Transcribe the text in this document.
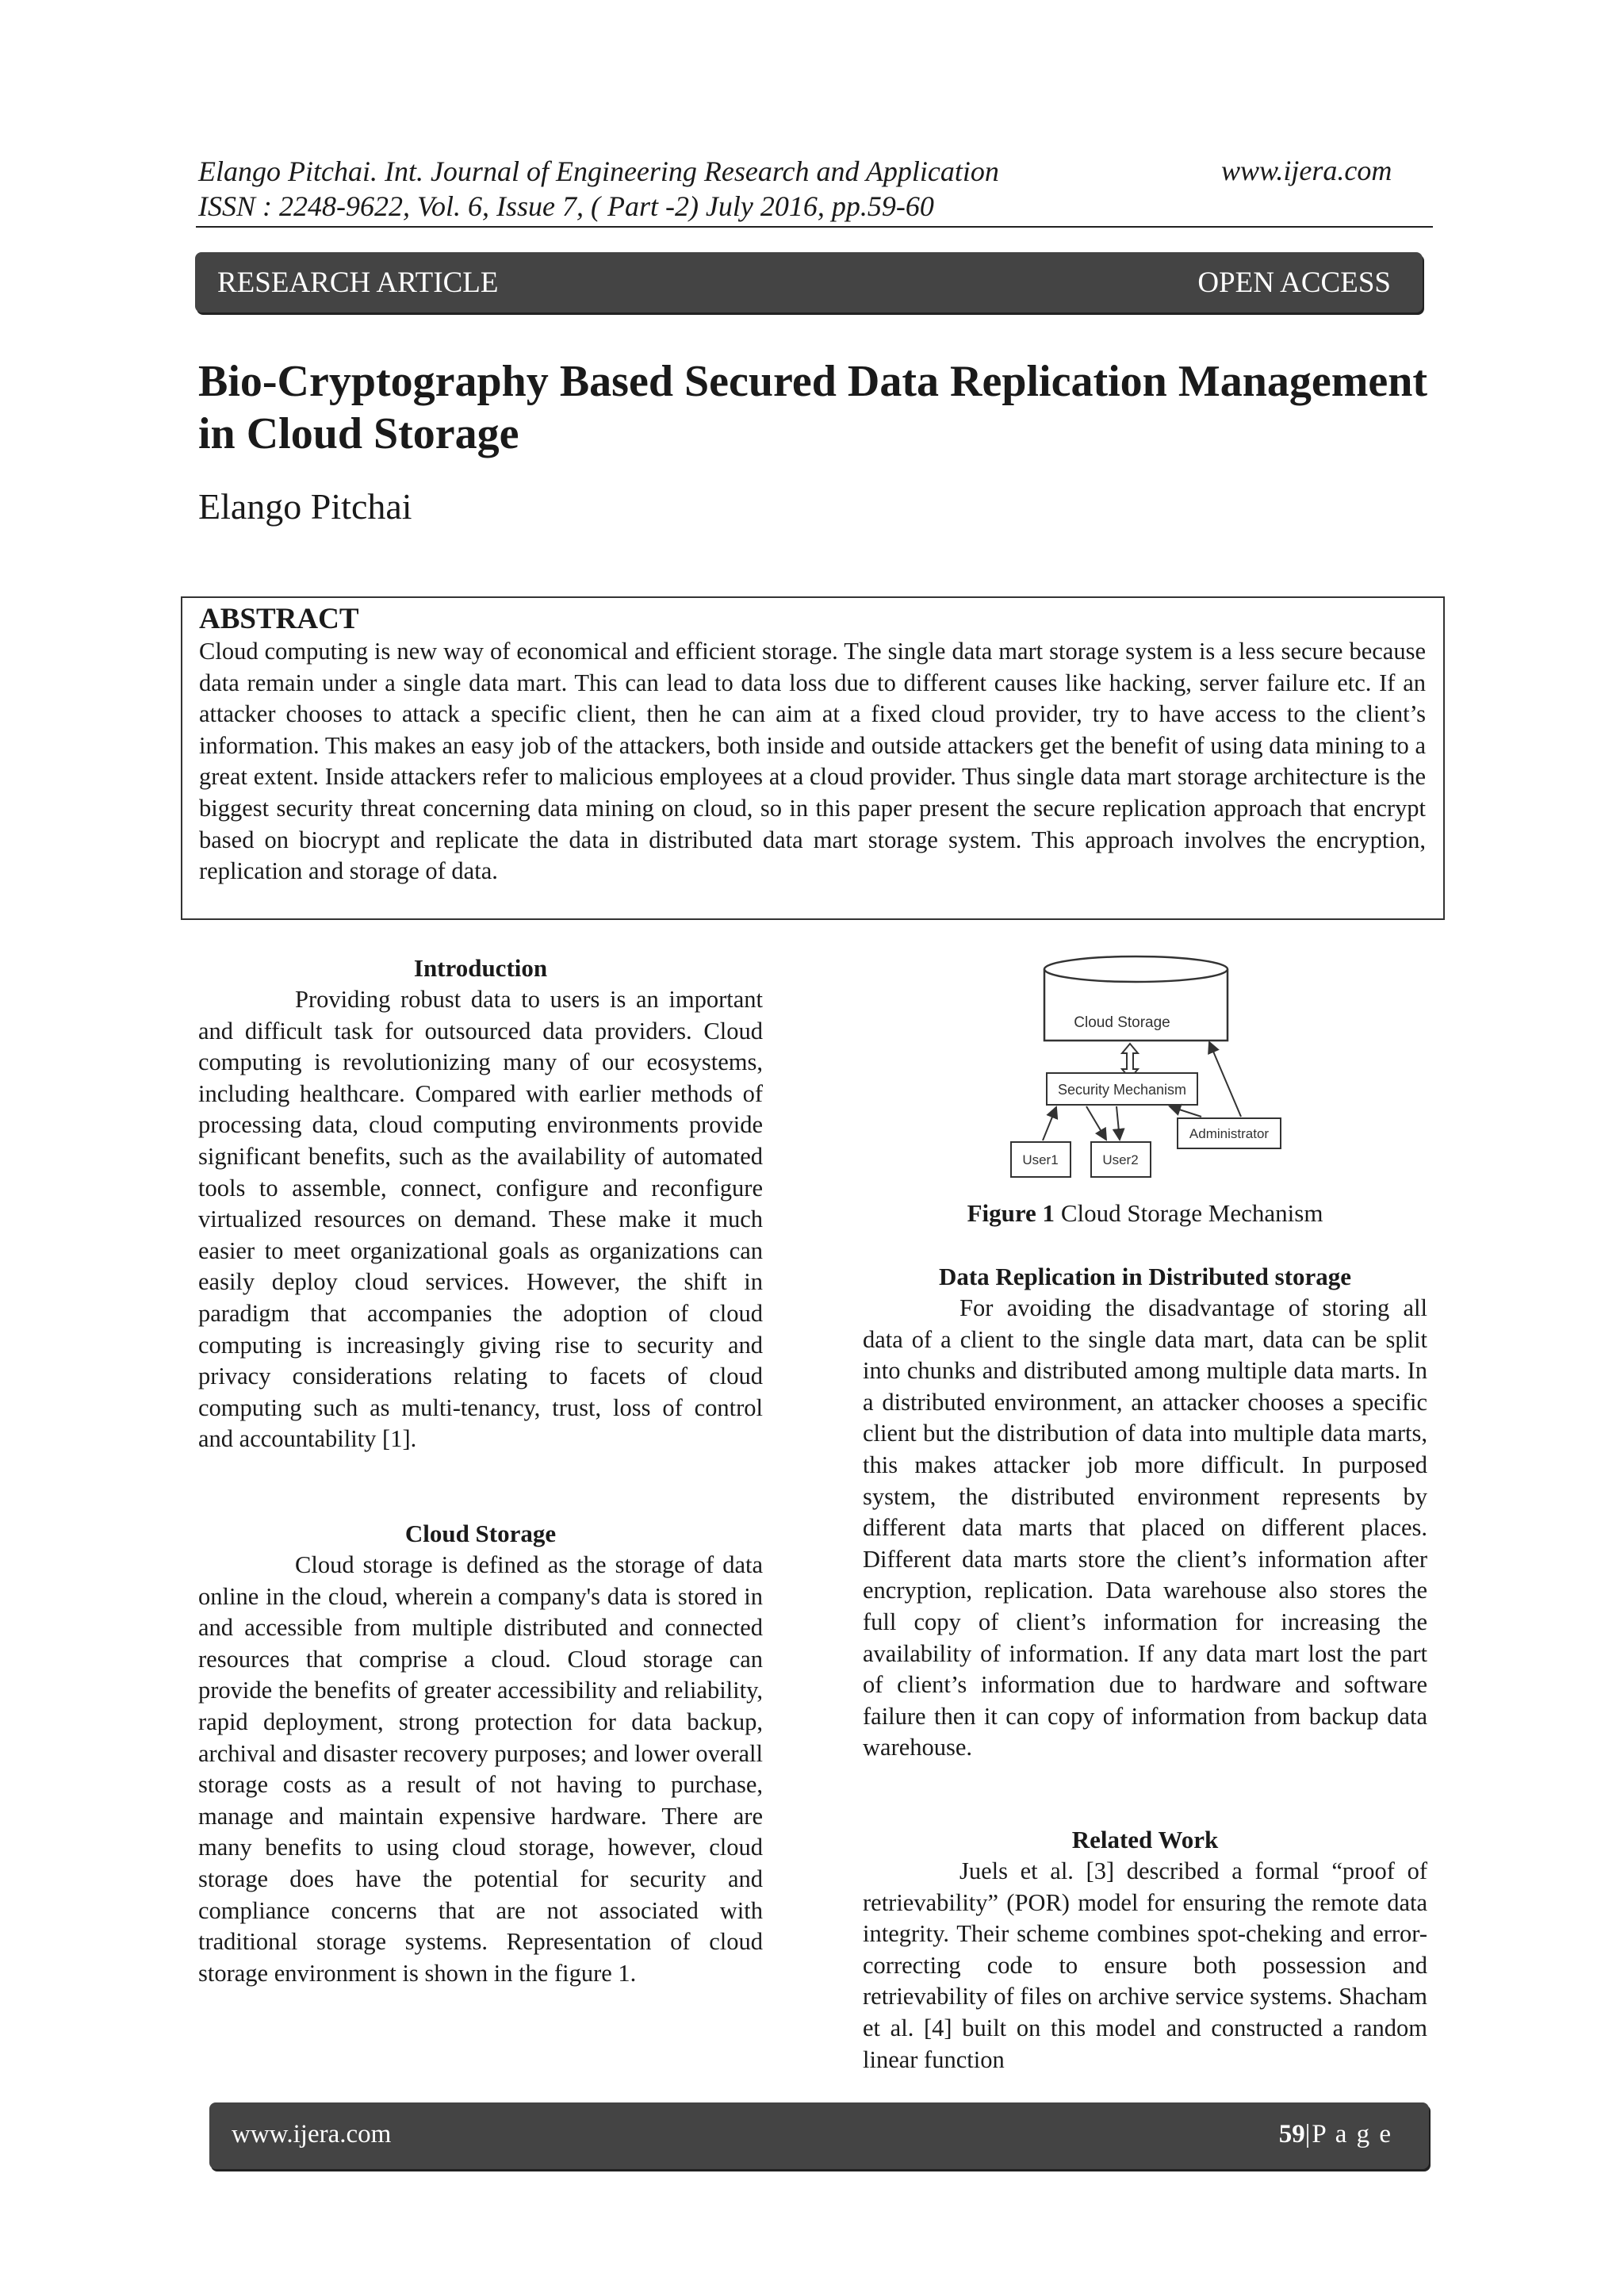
Elango Pitchai. Int. Journal of Engineering Research and Application
ISSN : 2248-9622, Vol. 6, Issue 7, ( Part -2) July 2016, pp.59-60
www.ijera.com
RESEARCH ARTICLE	OPEN ACCESS
Bio-Cryptography Based Secured Data Replication Management in Cloud Storage
Elango Pitchai
ABSTRACT
Cloud computing is new way of economical and efficient storage. The single data mart storage system is a less secure because data remain under a single data mart. This can lead to data loss due to different causes like hacking, server failure etc. If an attacker chooses to attack a specific client, then he can aim at a fixed cloud provider, try to have access to the client’s information. This makes an easy job of the attackers, both inside and outside attackers get the benefit of using data mining to a great extent. Inside attackers refer to malicious employees at a cloud provider. Thus single data mart storage architecture is the biggest security threat concerning data mining on cloud, so in this paper present the secure replication approach that encrypt based on biocrypt and replicate the data in distributed data mart storage system. This approach involves the encryption, replication and storage of data.
Introduction

Providing robust data to users is an important and difficult task for outsourced data providers. Cloud computing is revolutionizing many of our ecosystems, including healthcare. Compared with earlier methods of processing data, cloud computing environments provide significant benefits, such as the availability of automated tools to assemble, connect, configure and reconfigure virtualized resources on demand. These make it much easier to meet organizational goals as organizations can easily deploy cloud services. However, the shift in paradigm that accompanies the adoption of cloud computing is increasingly giving rise to security and privacy considerations relating to facets of cloud computing such as multi-tenancy, trust, loss of control and accountability [1].

Cloud Storage

Cloud storage is defined as the storage of data online in the cloud, wherein a company's data is stored in and accessible from multiple distributed and connected resources that comprise a cloud. Cloud storage can provide the benefits of greater accessibility and reliability, rapid deployment, strong protection for data backup, archival and disaster recovery purposes; and lower overall storage costs as a result of not having to purchase, manage and maintain expensive hardware. There are many benefits to using cloud storage, however, cloud storage does have the potential for security and compliance concerns that are not associated with traditional storage systems. Representation of cloud storage environment is shown in the figure 1.

Cloud Storage
Security Mechanism
Administrator
User1	User2
Figure 1 Cloud Storage Mechanism
Data Replication in Distributed storage

For avoiding the disadvantage of storing all data of a client to the single data mart, data can be split into chunks and distributed among multiple data marts. In a distributed environment, an attacker chooses a specific client but the distribution of data into multiple data marts, this makes attacker job more difficult. In purposed system, the distributed environment represents by different data marts that placed on different places. Different data marts store the client’s information after encryption, replication. Data warehouse also stores the full copy of client’s information for increasing the availability of information. If any data mart lost the part of client’s information due to hardware and software failure then it can copy of information from backup data warehouse.

Related Work

Juels et al. [3] described a formal “proof of retrievability” (POR) model for ensuring the remote data integrity. Their scheme combines spot-cheking and error-correcting code to ensure both possession and retrievability of files on archive service systems. Shacham et al. [4] built on this model and constructed a random linear function

www.ijera.com	59|P a g e
